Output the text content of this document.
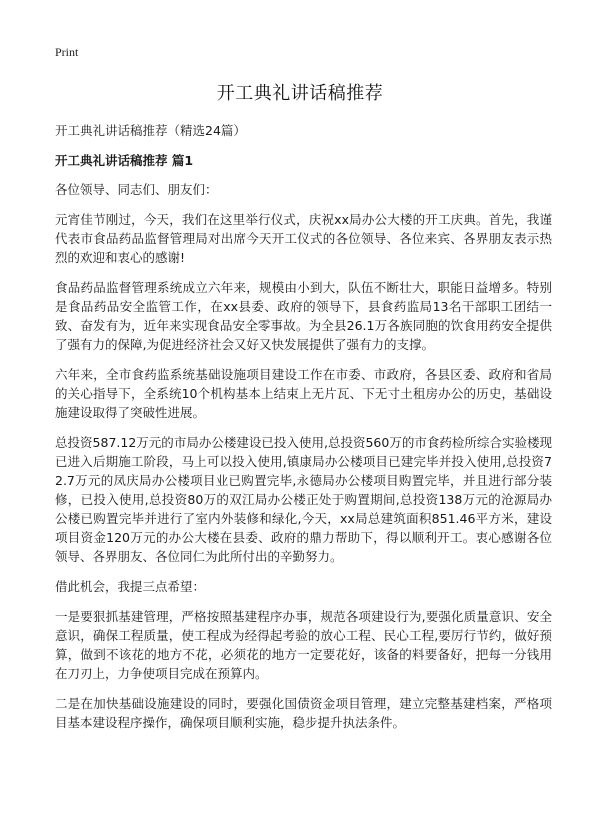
Print
开工典礼讲话稿推荐

开工典礼讲话稿推荐（精选24篇）

开工典礼讲话稿推荐 篇1

各位领导、同志们、朋友们：

元宵佳节刚过，今天，我们在这里举行仪式，庆祝xx局办公大楼的开工庆典。首先，我谨代表市食品药品监督管理局对出席今天开工仪式的各位领导、各位来宾、各界朋友表示热烈的欢迎和衷心的感谢!

食品药品监督管理系统成立六年来，规模由小到大，队伍不断壮大，职能日益增多。特别是食品药品安全监管工作，在xx县委、政府的领导下，县食药监局13名干部职工团结一致、奋发有为，近年来实现食品安全零事故。为全县26.1万各族同胞的饮食用药安全提供了强有力的保障,为促进经济社会又好又快发展提供了强有力的支撑。

六年来，全市食药监系统基础设施项目建设工作在市委、市政府，各县区委、政府和省局的关心指导下，全系统10个机构基本上结束上无片瓦、下无寸土租房办公的历史，基础设施建设取得了突破性进展。

总投资587.12万元的市局办公楼建设已投入使用,总投资560万的市食药检所综合实验楼现已进入后期施工阶段，马上可以投入使用,镇康局办公楼项目已建完毕并投入使用,总投资72.7万元的凤庆局办公楼项目业已购置完毕,永德局办公楼项目购置完毕，并且进行部分装修，已投入使用,总投资80万的双江局办公楼正处于购置期间,总投资138万元的沧源局办公楼已购置完毕并进行了室内外装修和绿化,今天，xx局总建筑面积851.46平方米，建设项目资金120万元的办公大楼在县委、政府的鼎力帮助下，得以顺利开工。衷心感谢各位领导、各界朋友、各位同仁为此所付出的辛勤努力。

借此机会，我提三点希望：

一是要狠抓基建管理，严格按照基建程序办事，规范各项建设行为,要强化质量意识、安全意识，确保工程质量，使工程成为经得起考验的放心工程、民心工程,要厉行节约，做好预算，做到不该花的地方不花，必须花的地方一定要花好，该备的料要备好，把每一分钱用在刀刃上，力争使项目完成在预算内。

二是在加快基础设施建设的同时，要强化国债资金项目管理，建立完整基建档案，严格项目基本建设程序操作，确保项目顺利实施，稳步提升执法条件。
